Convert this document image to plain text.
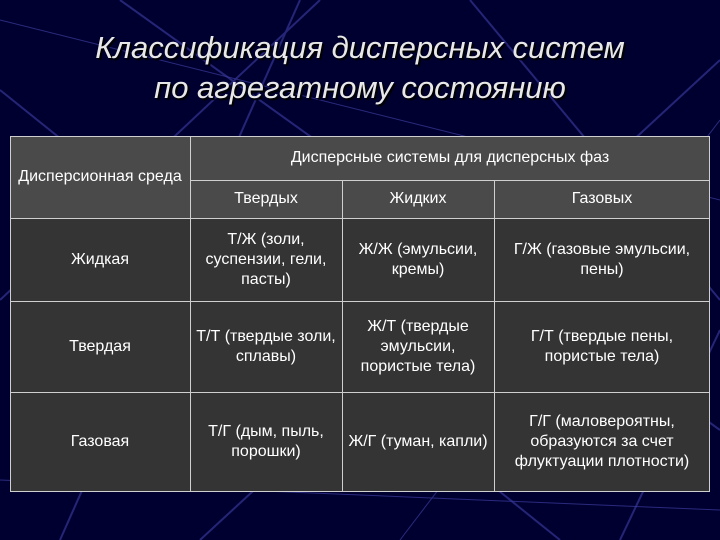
Классификация дисперсных систем
по агрегатному состоянию
Дисперсионная среда
Дисперсные системы для дисперсных фаз
Твердых	Жидких	Газовых
Жидкая
Т/Ж (золи, суспензии, гели, пасты)
Ж/Ж (эмульсии, кремы)
Г/Ж (газовые эмульсии, пены)
Твердая
Т/Т (твердые золи, сплавы)
Ж/Т (твердые эмульсии, пористые тела)
Г/Т (твердые пены, пористые тела)
Газовая
Т/Г (дым, пыль, порошки)
Ж/Г (туман, капли)
Г/Г (маловероятны, образуются за счет флуктуации плотности)
